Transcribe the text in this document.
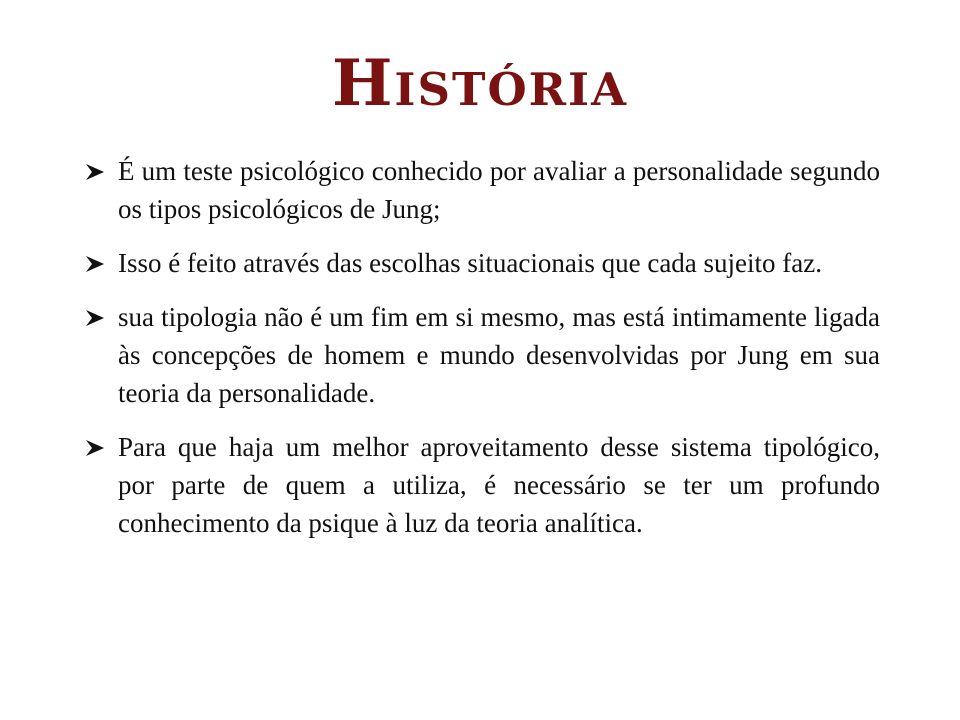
História
É um teste psicológico conhecido por avaliar a personalidade segundo os tipos psicológicos de Jung;
Isso é feito através das escolhas situacionais que cada sujeito faz.
sua tipologia não é um fim em si mesmo, mas está intimamente ligada às concepções de homem e mundo desenvolvidas por Jung em sua teoria da personalidade.
Para que haja um melhor aproveitamento desse sistema tipológico, por parte de quem a utiliza, é necessário se ter um profundo conhecimento da psique à luz da teoria analítica.
